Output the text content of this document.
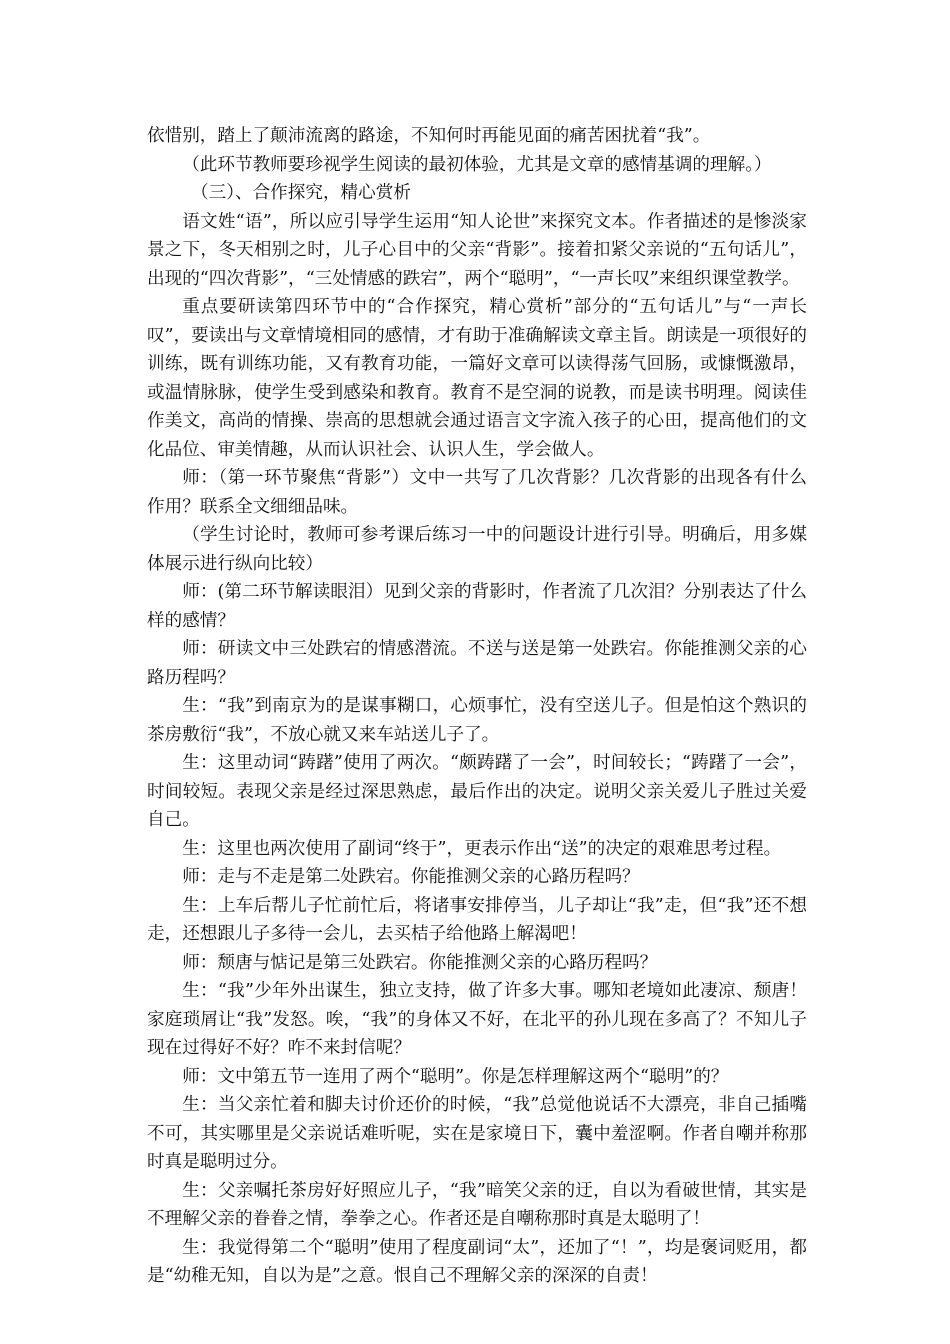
依惜别，踏上了颠沛流离的路途，不知何时再能见面的痛苦困扰着“我”。

（此环节教师要珍视学生阅读的最初体验，尤其是文章的感情基调的理解。）

（三）、合作探究，精心赏析

语文姓“语”，所以应引导学生运用“知人论世”来探究文本。作者描述的是惨淡家景之下，冬天相别之时，儿子心目中的父亲“背影”。接着扣紧父亲说的“五句话儿”，出现的“四次背影”，“三处情感的跌宕”，两个“聪明”，“一声长叹”来组织课堂教学。

重点要研读第四环节中的“合作探究，精心赏析”部分的“五句话儿”与“一声长叹”，要读出与文章情境相同的感情，才有助于准确解读文章主旨。朗读是一项很好的训练，既有训练功能，又有教育功能，一篇好文章可以读得荡气回肠，或慷慨激昂，或温情脉脉，使学生受到感染和教育。教育不是空洞的说教，而是读书明理。阅读佳作美文，高尚的情操、崇高的思想就会通过语言文字流入孩子的心田，提高他们的文化品位、审美情趣，从而认识社会、认识人生，学会做人。

师：（第一环节聚焦“背影”）文中一共写了几次背影？几次背影的出现各有什么作用？联系全文细细品味。

（学生讨论时，教师可参考课后练习一中的问题设计进行引导。明确后，用多媒体展示进行纵向比较）

师：(第二环节解读眼泪）见到父亲的背影时，作者流了几次泪？分别表达了什么样的感情？

师：研读文中三处跌宕的情感潜流。不送与送是第一处跌宕。你能推测父亲的心路历程吗？

生：“我”到南京为的是谋事糊口，心烦事忙，没有空送儿子。但是怕这个熟识的茶房敷衍“我”，不放心就又来车站送儿子了。

生：这里动词“踌躇”使用了两次。“颇踌躇了一会”，时间较长；“踌躇了一会”，时间较短。表现父亲是经过深思熟虑，最后作出的决定。说明父亲关爱儿子胜过关爱自己。

生：这里也两次使用了副词“终于”，更表示作出“送”的决定的艰难思考过程。

师：走与不走是第二处跌宕。你能推测父亲的心路历程吗？

生：上车后帮儿子忙前忙后，将诸事安排停当，儿子却让“我”走，但“我”还不想走，还想跟儿子多待一会儿，去买桔子给他路上解渴吧！

师：颓唐与惦记是第三处跌宕。你能推测父亲的心路历程吗？

生：“我”少年外出谋生，独立支持，做了许多大事。哪知老境如此凄凉、颓唐！家庭琐屑让“我”发怒。唉，“我”的身体又不好，在北平的孙儿现在多高了？不知儿子现在过得好不好？咋不来封信呢？

师：文中第五节一连用了两个“聪明”。你是怎样理解这两个“聪明”的？

生：当父亲忙着和脚夫讨价还价的时候，“我”总觉他说话不大漂亮，非自己插嘴不可，其实哪里是父亲说话难听呢，实在是家境日下，囊中羞涩啊。作者自嘲并称那时真是聪明过分。

生：父亲嘱托茶房好好照应儿子，“我”暗笑父亲的迂，自以为看破世情，其实是不理解父亲的眷眷之情，拳拳之心。作者还是自嘲称那时真是太聪明了！

生：我觉得第二个“聪明”使用了程度副词“太”，还加了“！”，均是褒词贬用，都是“幼稚无知，自以为是”之意。恨自己不理解父亲的深深的自责！
